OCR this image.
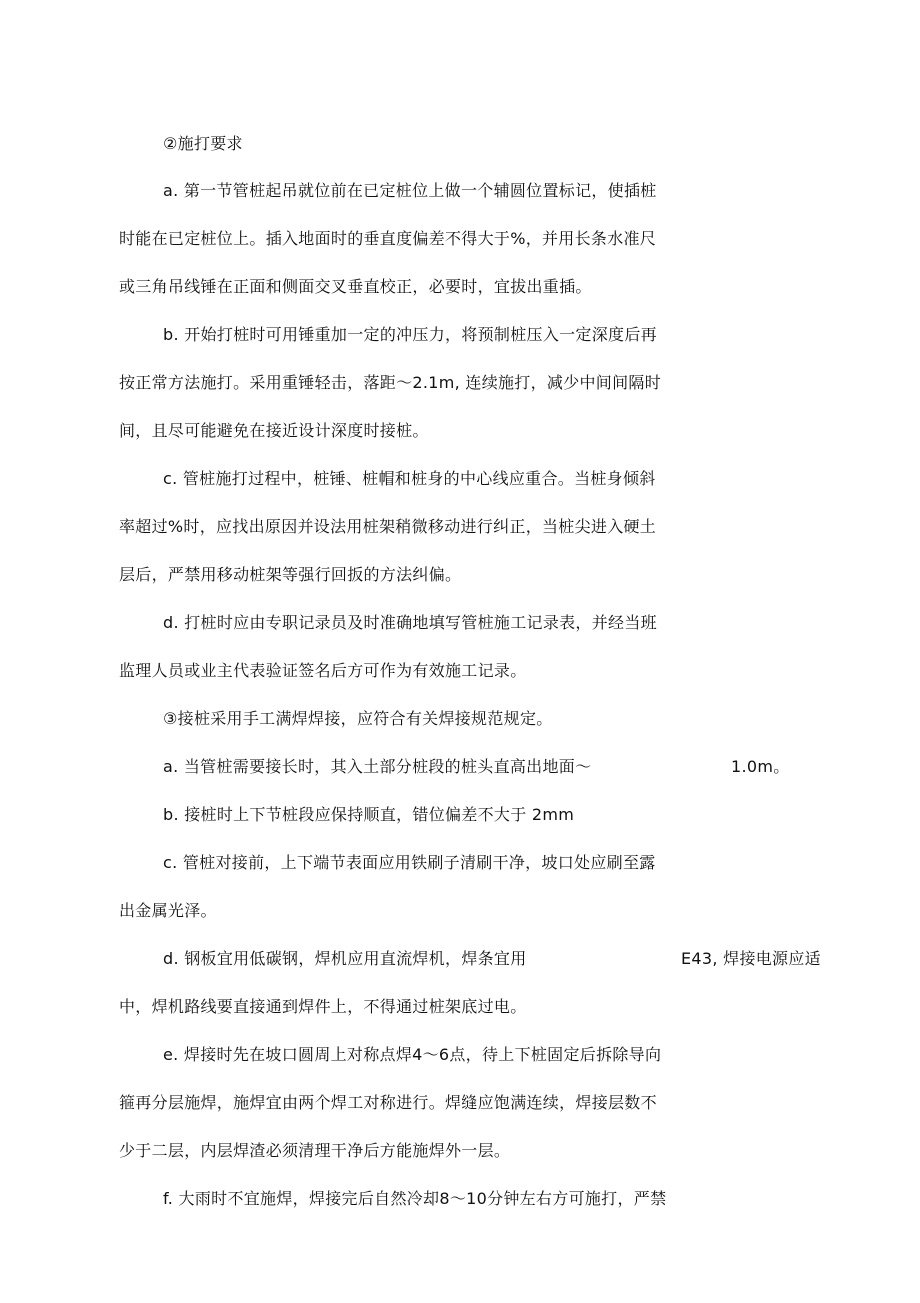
②施打要求
a. 第一节管桩起吊就位前在已定桩位上做一个辅圆位置标记，使插桩
时能在已定桩位上。插入地面时的垂直度偏差不得大于%，并用长条水准尺
或三角吊线锤在正面和侧面交叉垂直校正，必要时，宜拔出重插。
b. 开始打桩时可用锤重加一定的冲压力，将预制桩压入一定深度后再
按正常方法施打。采用重锤轻击，落距～2.1m, 连续施打，减少中间间隔时
间，且尽可能避免在接近设计深度时接桩。
c. 管桩施打过程中，桩锤、桩帽和桩身的中心线应重合。当桩身倾斜
率超过%时，应找出原因并设法用桩架稍微移动进行纠正，当桩尖进入硬土
层后，严禁用移动桩架等强行回扳的方法纠偏。
d. 打桩时应由专职记录员及时准确地填写管桩施工记录表，并经当班
监理人员或业主代表验证签名后方可作为有效施工记录。
③接桩采用手工满焊焊接，应符合有关焊接规范规定。
a. 当管桩需要接长时，其入土部分桩段的桩头直高出地面～	1.0m。
b. 接桩时上下节桩段应保持顺直，错位偏差不大于 2mm
c. 管桩对接前，上下端节表面应用铁刷子清刷干净，坡口处应刷至露
出金属光泽。
d. 钢板宜用低碳钢，焊机应用直流焊机，焊条宜用	E43, 焊接电源应适
中，焊机路线要直接通到焊件上，不得通过桩架底过电。
e. 焊接时先在坡口圆周上对称点焊4～6点，待上下桩固定后拆除导向
箍再分层施焊，施焊宜由两个焊工对称进行。焊缝应饱满连续，焊接层数不
少于二层，内层焊渣必须清理干净后方能施焊外一层。
f. 大雨时不宜施焊，焊接完后自然冷却8～10分钟左右方可施打，严禁
